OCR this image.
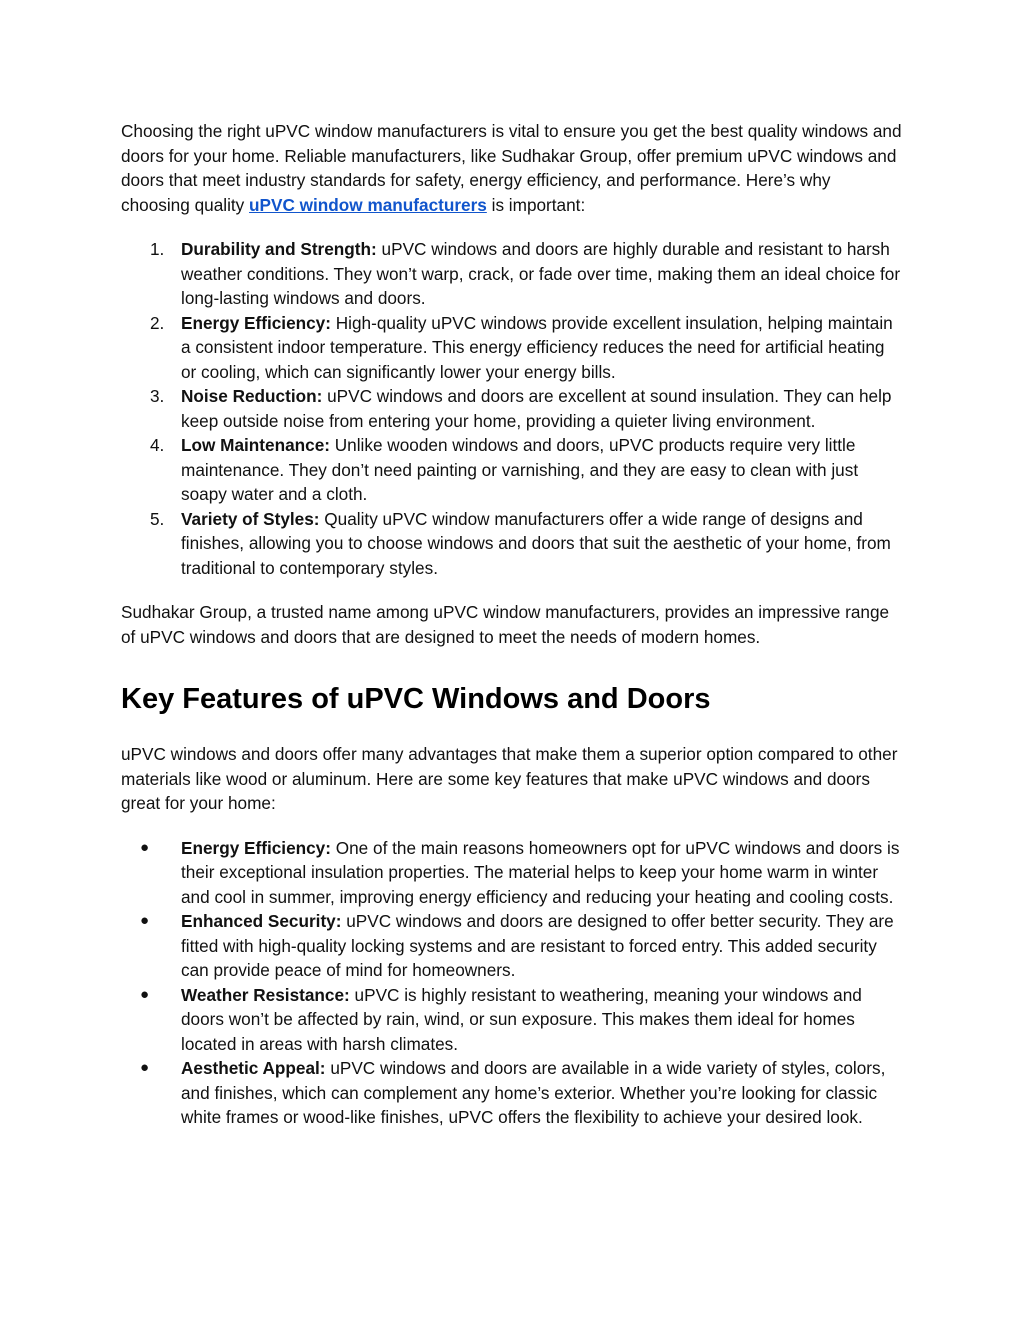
Choosing the right uPVC window manufacturers is vital to ensure you get the best quality windows and doors for your home. Reliable manufacturers, like Sudhakar Group, offer premium uPVC windows and doors that meet industry standards for safety, energy efficiency, and performance. Here’s why choosing quality uPVC window manufacturers is important:

1. Durability and Strength: uPVC windows and doors are highly durable and resistant to harsh weather conditions. They won’t warp, crack, or fade over time, making them an ideal choice for long-lasting windows and doors.
2. Energy Efficiency: High-quality uPVC windows provide excellent insulation, helping maintain a consistent indoor temperature. This energy efficiency reduces the need for artificial heating or cooling, which can significantly lower your energy bills.
3. Noise Reduction: uPVC windows and doors are excellent at sound insulation. They can help keep outside noise from entering your home, providing a quieter living environment.
4. Low Maintenance: Unlike wooden windows and doors, uPVC products require very little maintenance. They don’t need painting or varnishing, and they are easy to clean with just soapy water and a cloth.
5. Variety of Styles: Quality uPVC window manufacturers offer a wide range of designs and finishes, allowing you to choose windows and doors that suit the aesthetic of your home, from traditional to contemporary styles.

Sudhakar Group, a trusted name among uPVC window manufacturers, provides an impressive range of uPVC windows and doors that are designed to meet the needs of modern homes.

Key Features of uPVC Windows and Doors

uPVC windows and doors offer many advantages that make them a superior option compared to other materials like wood or aluminum. Here are some key features that make uPVC windows and doors great for your home:

●	Energy Efficiency: One of the main reasons homeowners opt for uPVC windows and doors is their exceptional insulation properties. The material helps to keep your home warm in winter and cool in summer, improving energy efficiency and reducing your heating and cooling costs.
●	Enhanced Security: uPVC windows and doors are designed to offer better security. They are fitted with high-quality locking systems and are resistant to forced entry. This added security can provide peace of mind for homeowners.
●	Weather Resistance: uPVC is highly resistant to weathering, meaning your windows and doors won’t be affected by rain, wind, or sun exposure. This makes them ideal for homes located in areas with harsh climates.
●	Aesthetic Appeal: uPVC windows and doors are available in a wide variety of styles, colors, and finishes, which can complement any home’s exterior. Whether you’re looking for classic white frames or wood-like finishes, uPVC offers the flexibility to achieve your desired look.
